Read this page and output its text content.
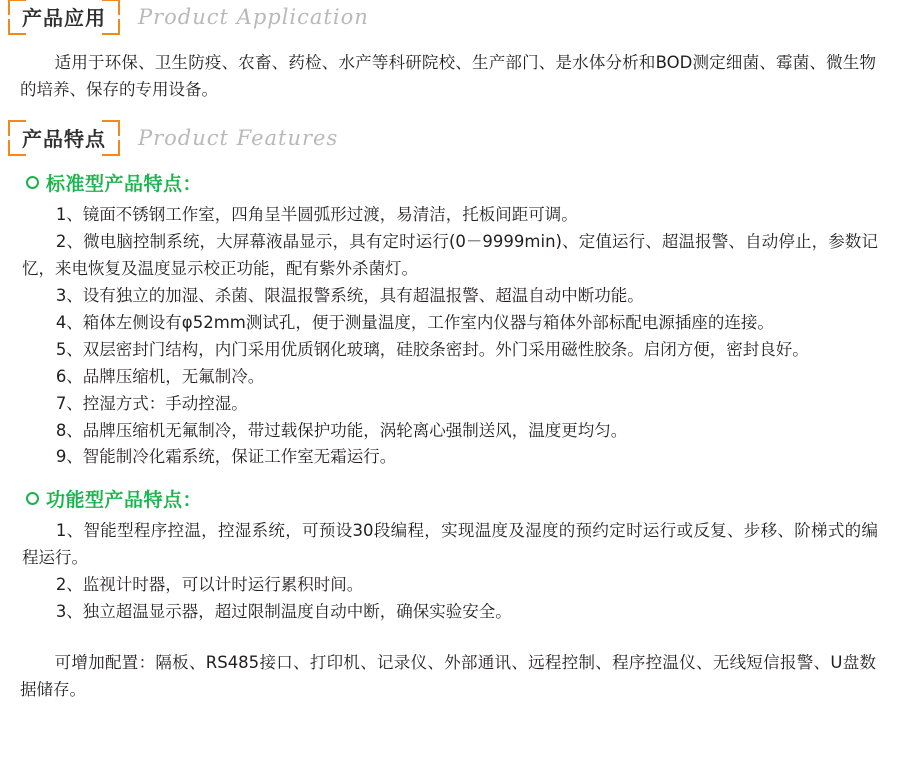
产品应用	Product Application

适用于环保、卫生防疫、农畜、药检、水产等科研院校、生产部门、是水体分析和BOD测定细菌、霉菌、微生物的培养、保存的专用设备。

产品特点	Product Features
标准型产品特点：

1、镜面不锈钢工作室，四角呈半圆弧形过渡，易清洁，托板间距可调。

2、微电脑控制系统，大屏幕液晶显示，具有定时运行(0－9999min)、定值运行、超温报警、自动停止，参数记忆，来电恢复及温度显示校正功能，配有紫外杀菌灯。

3、设有独立的加湿、杀菌、限温报警系统，具有超温报警、超温自动中断功能。

4、箱体左侧设有φ52mm测试孔，便于测量温度，工作室内仪器与箱体外部标配电源插座的连接。

5、双层密封门结构，内门采用优质钢化玻璃，硅胶条密封。外门采用磁性胶条。启闭方便，密封良好。

6、品牌压缩机，无氟制冷。

7、控湿方式：手动控湿。

8、品牌压缩机无氟制冷，带过载保护功能，涡轮离心强制送风，温度更均匀。

9、智能制冷化霜系统，保证工作室无霜运行。

功能型产品特点：

1、智能型程序控温，控湿系统，可预设30段编程，实现温度及湿度的预约定时运行或反复、步移、阶梯式的编程运行。

2、监视计时器，可以计时运行累积时间。

3、独立超温显示器，超过限制温度自动中断，确保实验安全。

可增加配置：隔板、RS485接口、打印机、记录仪、外部通讯、远程控制、程序控温仪、无线短信报警、U盘数据储存。
